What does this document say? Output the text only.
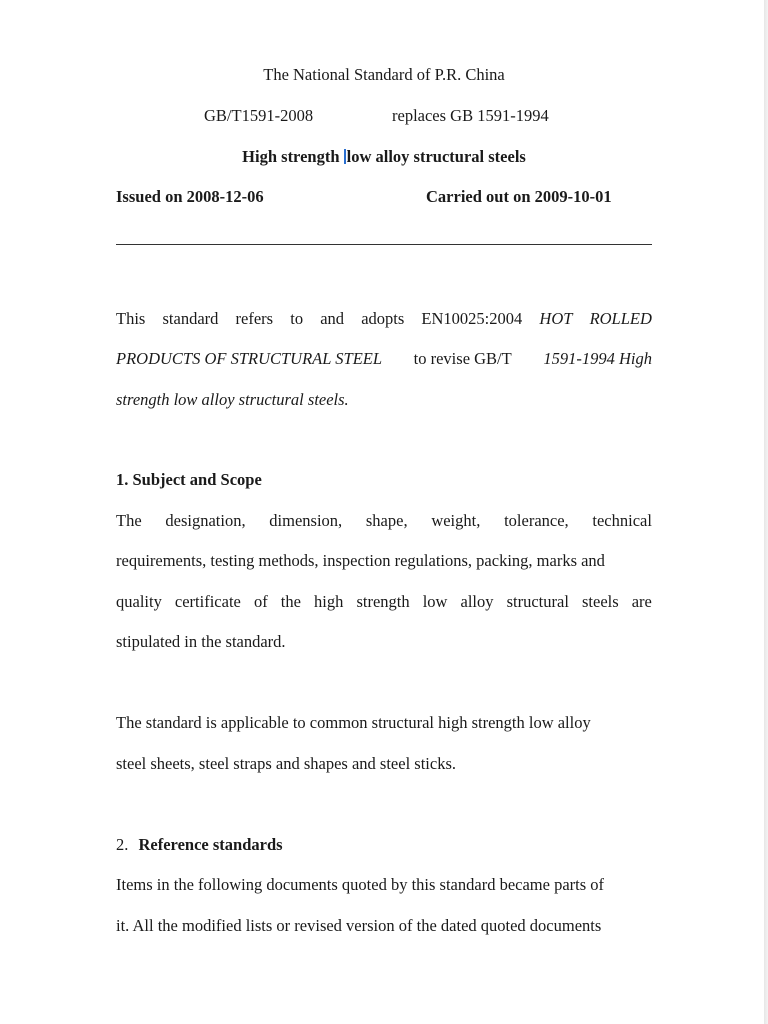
The National Standard of P.R. China
GB/T1591-2008	replaces GB 1591-1994
High strength low alloy structural steels
Issued on 2008-12-06	Carried out on 2009-10-01
This standard refers to and adopts EN10025:2004 HOT ROLLED
PRODUCTS OF STRUCTURAL STEEL to revise GB/T 1591-1994 High
strength low alloy structural steels.
1. Subject and Scope
The designation, dimension, shape, weight, tolerance, technical
requirements, testing methods, inspection regulations, packing, marks and
quality certificate of the high strength low alloy structural steels are
stipulated in the standard.
The standard is applicable to common structural high strength low alloy
steel sheets, steel straps and shapes and steel sticks.
2. Reference standards
Items in the following documents quoted by this standard became parts of
it. All the modified lists or revised version of the dated quoted documents
